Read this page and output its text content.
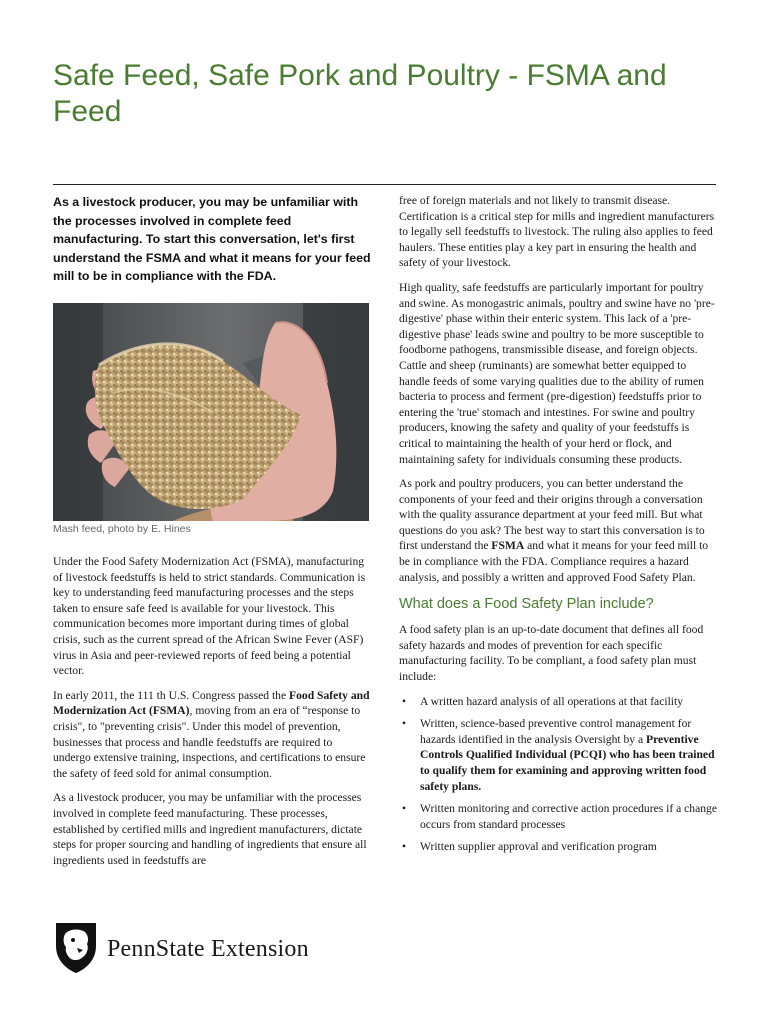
Safe Feed, Safe Pork and Poultry - FSMA and Feed

As a livestock producer, you may be unfamiliar with the processes involved in complete feed manufacturing. To start this conversation, let's first understand the FSMA and what it means for your feed mill to be in compliance with the FDA.

Mash feed, photo by E. Hines

Under the Food Safety Modernization Act (FSMA), manufacturing of livestock feedstuffs is held to strict standards. Communication is key to understanding feed manufacturing processes and the steps taken to ensure safe feed is available for your livestock. This communication becomes more important during times of global crisis, such as the current spread of the African Swine Fever (ASF) virus in Asia and peer-reviewed reports of feed being a potential vector.

In early 2011, the 111 th U.S. Congress passed the Food Safety and Modernization Act (FSMA), moving from an era of “response to crisis", to "preventing crisis". Under this model of prevention, businesses that process and handle feedstuffs are required to undergo extensive training, inspections, and certifications to ensure the safety of feed sold for animal consumption.

As a livestock producer, you may be unfamiliar with the processes involved in complete feed manufacturing. These processes, established by certified mills and ingredient manufacturers, dictate steps for proper sourcing and handling of ingredients that ensure all ingredients used in feedstuffs are

free of foreign materials and not likely to transmit disease. Certification is a critical step for mills and ingredient manufacturers to legally sell feedstuffs to livestock. The ruling also applies to feed haulers. These entities play a key part in ensuring the health and safety of your livestock.

High quality, safe feedstuffs are particularly important for poultry and swine. As monogastric animals, poultry and swine have no 'pre-digestive' phase within their enteric system. This lack of a 'pre-digestive phase' leads swine and poultry to be more susceptible to foodborne pathogens, transmissible disease, and foreign objects. Cattle and sheep (ruminants) are somewhat better equipped to handle feeds of some varying qualities due to the ability of rumen bacteria to process and ferment (pre-digestion) feedstuffs prior to entering the 'true' stomach and intestines. For swine and poultry producers, knowing the safety and quality of your feedstuffs is critical to maintaining the health of your herd or flock, and maintaining safety for individuals consuming these products.

As pork and poultry producers, you can better understand the components of your feed and their origins through a conversation with the quality assurance department at your feed mill. But what questions do you ask? The best way to start this conversation is to first understand the FSMA and what it means for your feed mill to be in compliance with the FDA. Compliance requires a hazard analysis, and possibly a written and approved Food Safety Plan.

What does a Food Safety Plan include?

A food safety plan is an up-to-date document that defines all food safety hazards and modes of prevention for each specific manufacturing facility. To be compliant, a food safety plan must include:

• A written hazard analysis of all operations at that facility
• Written, science-based preventive control management for hazards identified in the analysis Oversight by a Preventive Controls Qualified Individual (PCQI) who has been trained to qualify them for examining and approving written food safety plans.
• Written monitoring and corrective action procedures if a change occurs from standard processes
• Written supplier approval and verification program
PennState Extension
